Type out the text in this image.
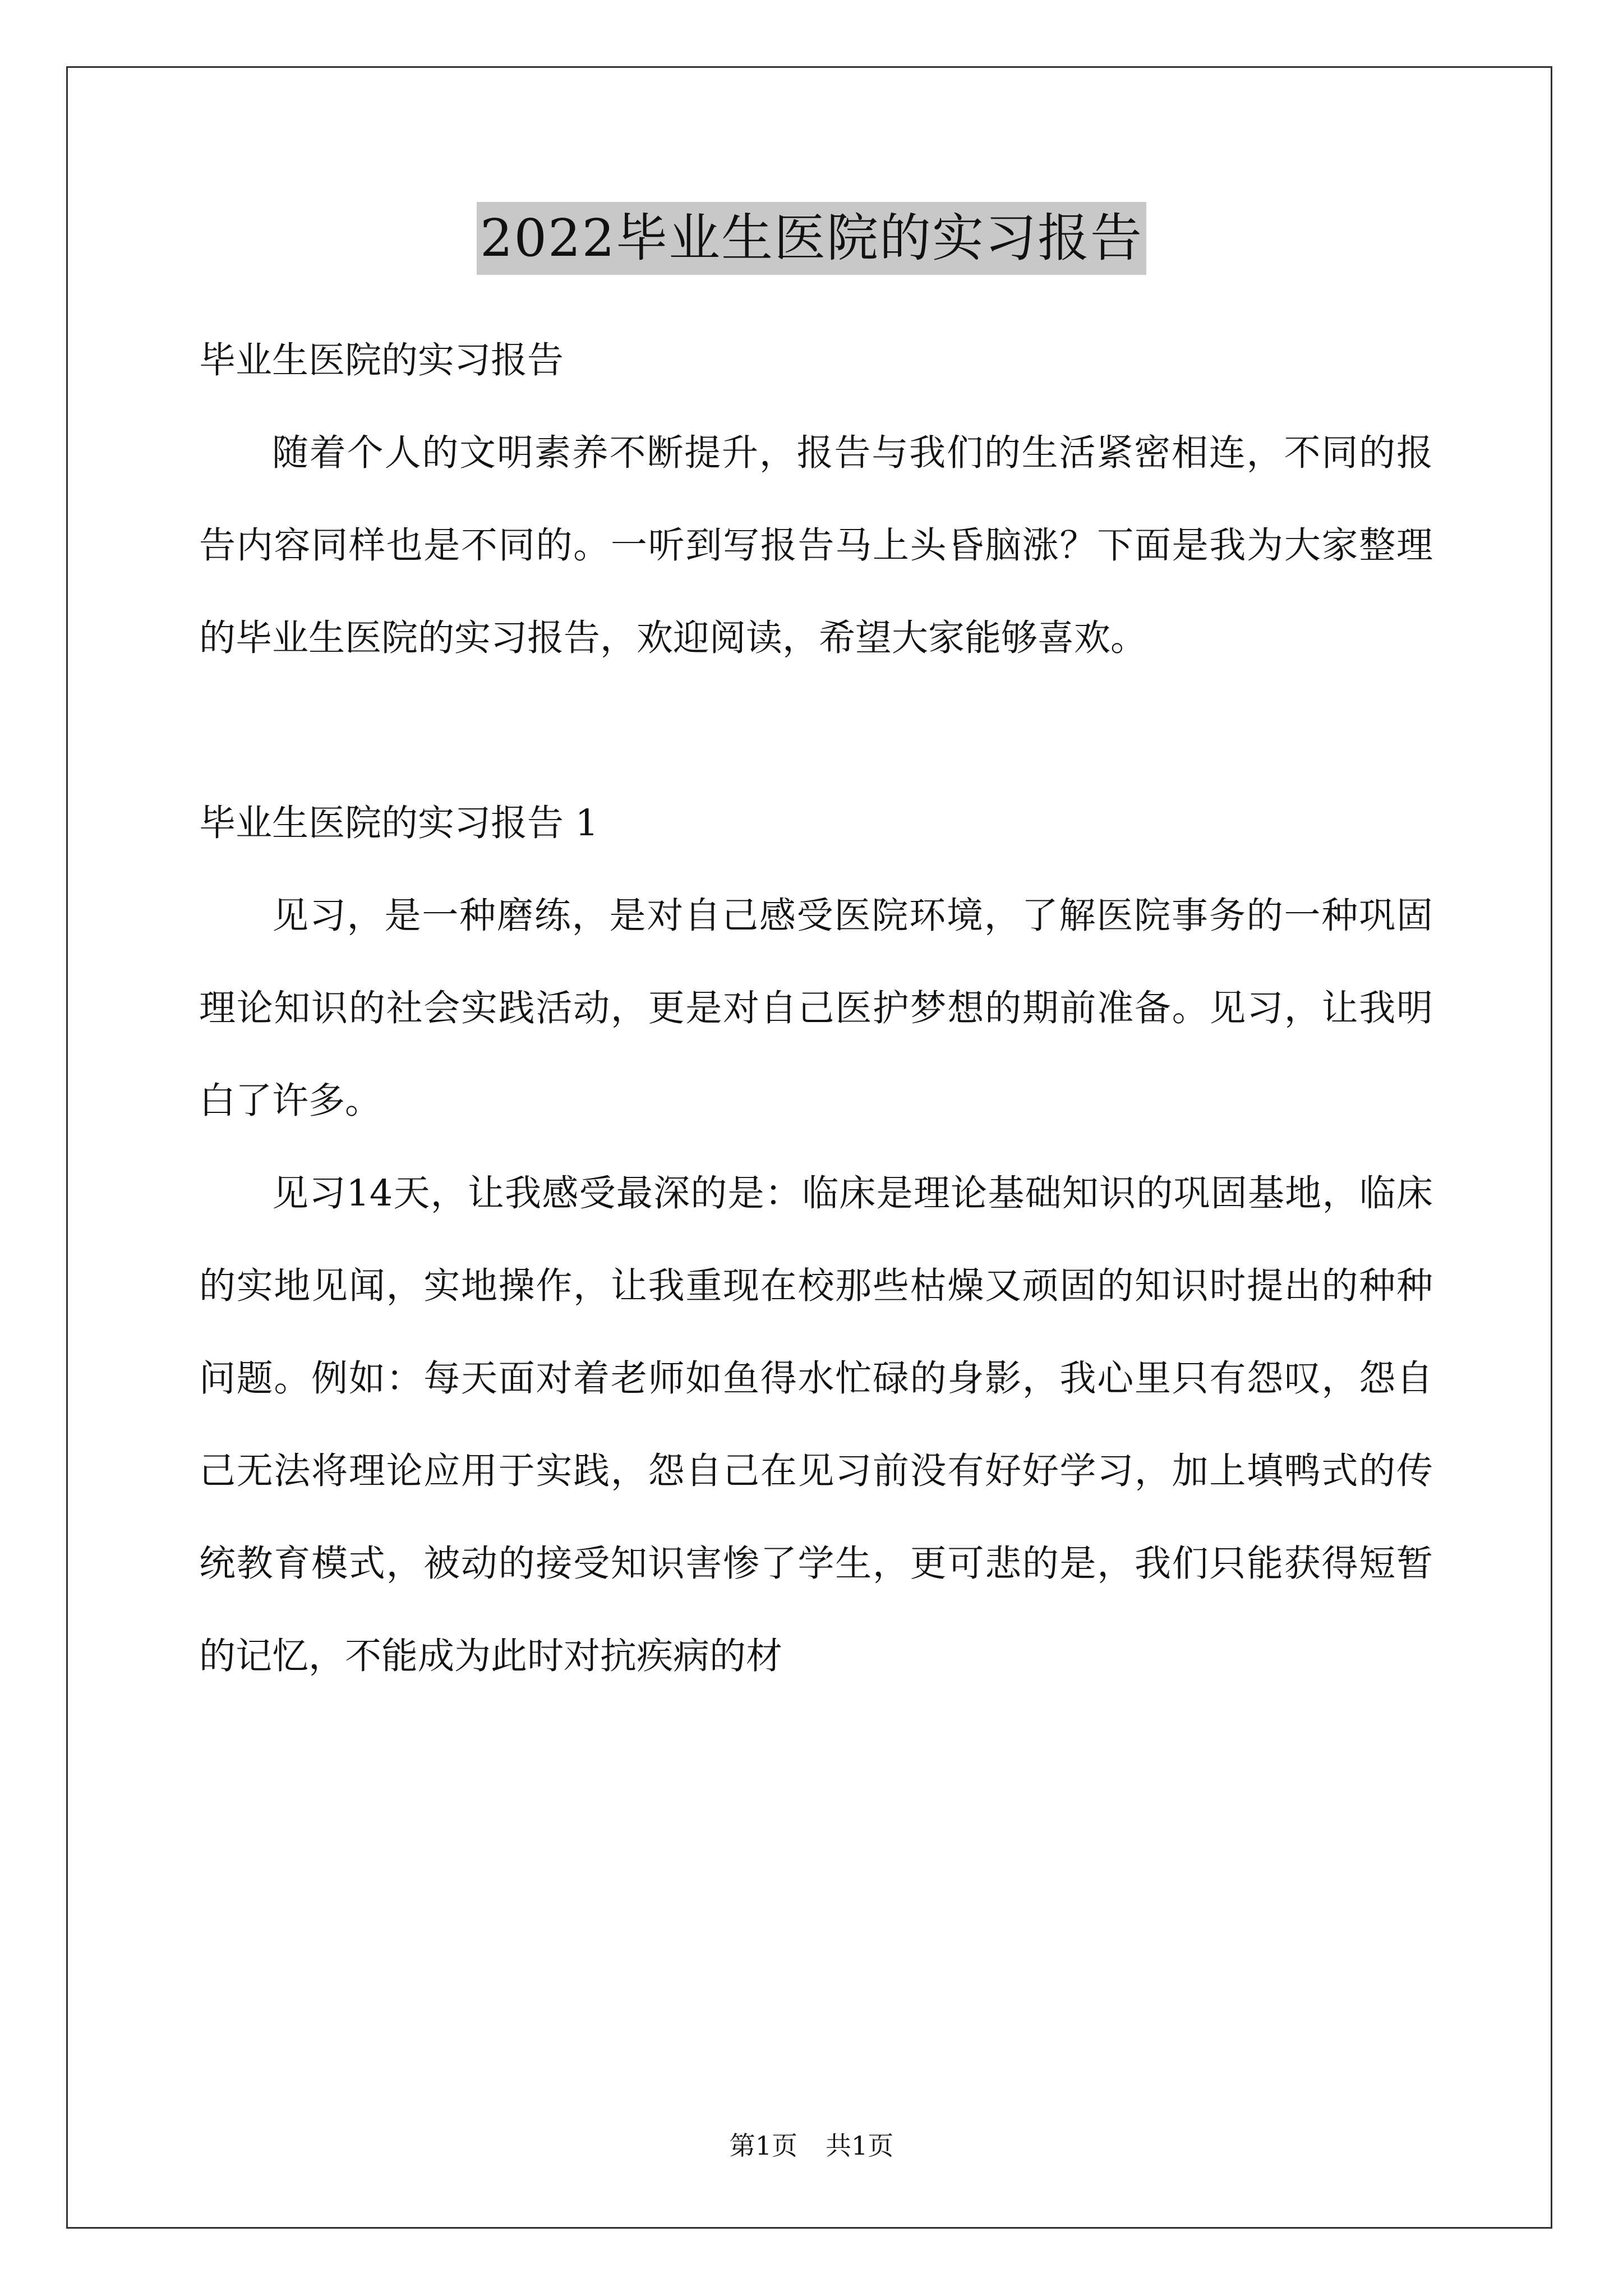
2022毕业生医院的实习报告

毕业生医院的实习报告

随着个人的文明素养不断提升，报告与我们的生活紧密相连，不同的报告内容同样也是不同的。一听到写报告马上头昏脑涨？下面是我为大家整理的毕业生医院的实习报告，欢迎阅读，希望大家能够喜欢。

毕业生医院的实习报告 1

见习，是一种磨练，是对自己感受医院环境，了解医院事务的一种巩固理论知识的社会实践活动，更是对自己医护梦想的期前准备。见习，让我明白了许多。

见习14天，让我感受最深的是：临床是理论基础知识的巩固基地，临床的实地见闻，实地操作，让我重现在校那些枯燥又顽固的知识时提出的种种问题。例如：每天面对着老师如鱼得水忙碌的身影，我心里只有怨叹，怨自己无法将理论应用于实践，怨自己在见习前没有好好学习，加上填鸭式的传统教育模式，被动的接受知识害惨了学生，更可悲的是，我们只能获得短暂的记忆，不能成为此时对抗疾病的材

第1页 共1页
